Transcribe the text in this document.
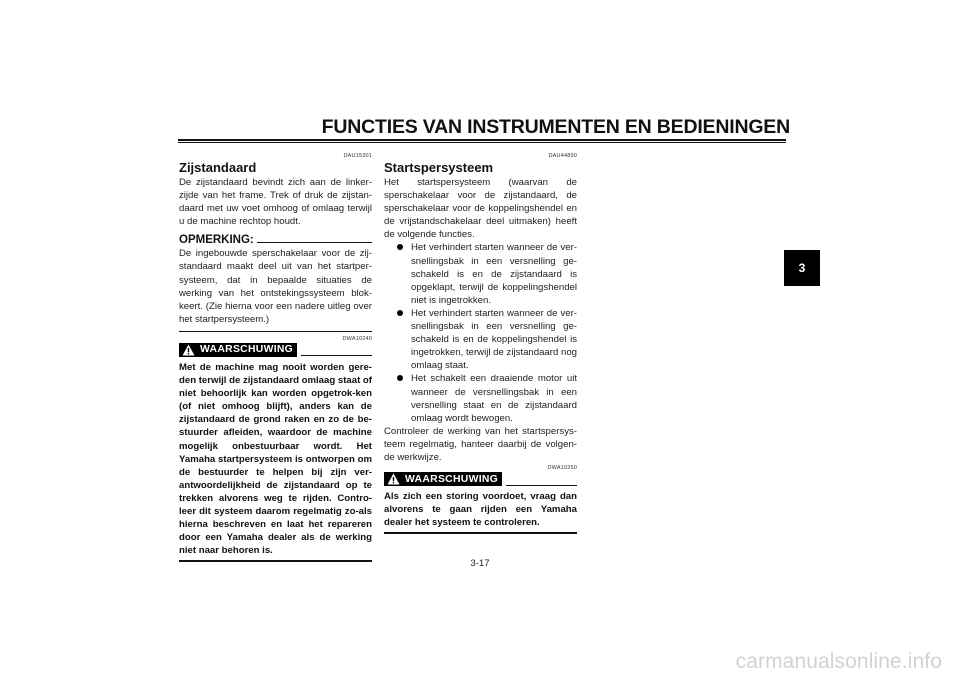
FUNCTIES VAN INSTRUMENTEN EN BEDIENINGEN
3
DAU15301
Zijstandaard

De zijstandaard bevindt zich aan de linker-zijde van het frame. Trek of druk de zijstan-daard met uw voet omhoog of omlaag terwijl u de machine rechtop houdt.

OPMERKING:

De ingebouwde sperschakelaar voor de zij-standaard maakt deel uit van het startper-systeem, dat in bepaalde situaties de werking van het ontstekingssysteem blok-keert. (Zie hierna voor een nadere uitleg over het startpersysteem.)

DWA10240
WAARSCHUWING

Met de machine mag nooit worden gere-den terwijl de zijstandaard omlaag staat of niet behoorlijk kan worden opgetrok-ken (of niet omhoog blijft), anders kan de zijstandaard de grond raken en zo de be-stuurder afleiden, waardoor de machine mogelijk onbestuurbaar wordt. Het Yamaha startpersysteem is ontworpen om de bestuurder te helpen bij zijn ver-antwoordelijkheid de zijstandaard op te trekken alvorens weg te rijden. Contro-leer dit systeem daarom regelmatig zo-als hierna beschreven en laat het repareren door een Yamaha dealer als de werking niet naar behoren is.

DAU44890
Startspersysteem

Het startspersysteem (waarvan de sperschakelaar voor de zijstandaard, de sperschakelaar voor de koppelingshendel en de vrijstandschakelaar deel uitmaken) heeft de volgende functies.

Het verhindert starten wanneer de ver-snellingsbak in een versnelling ge-schakeld is en de zijstandaard is opgeklapt, terwijl de koppelingshendel niet is ingetrokken.
Het verhindert starten wanneer de ver-snellingsbak in een versnelling ge-schakeld is en de koppelingshendel is ingetrokken, terwijl de zijstandaard nog omlaag staat.
Het schakelt een draaiende motor uit wanneer de versnellingsbak in een versnelling staat en de zijstandaard omlaag wordt bewogen.

Controleer de werking van het startspersys-teem regelmatig, hanteer daarbij de volgen-de werkwijze.

DWA10250
WAARSCHUWING

Als zich een storing voordoet, vraag dan alvorens te gaan rijden een Yamaha dealer het systeem te controleren.

3-17
carmanualsonline.info
